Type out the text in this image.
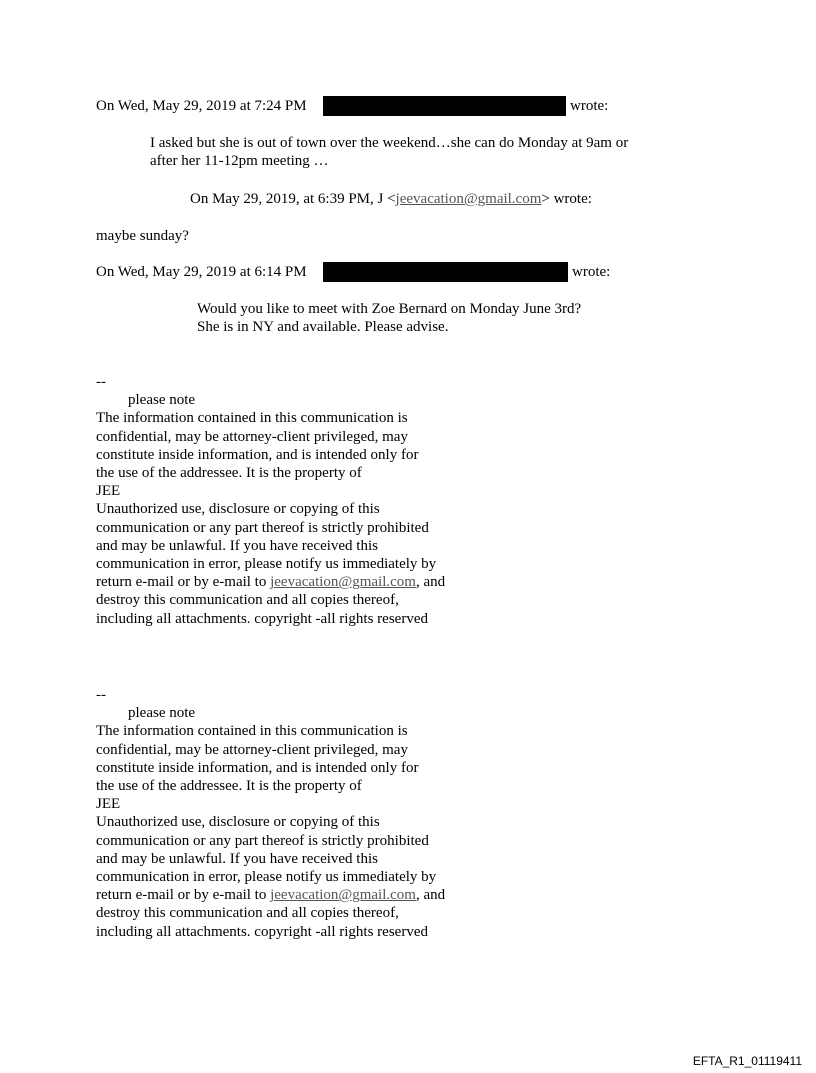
On Wed, May 29, 2019 at 7:24 PM	wrote:
I asked but she is out of town over the weekend…she can do Monday at 9am or
after her 11-12pm meeting …
On May 29, 2019, at 6:39 PM, J <jeevacation@gmail.com> wrote:
maybe sunday?
On Wed, May 29, 2019 at 6:14 PM	wrote:
Would you like to meet with Zoe Bernard on Monday June 3rd?
She is in NY and available. Please advise.
--
please note
The information contained in this communication is
confidential, may be attorney-client privileged, may
constitute inside information, and is intended only for
the use of the addressee. It is the property of
JEE
Unauthorized use, disclosure or copying of this
communication or any part thereof is strictly prohibited
and may be unlawful. If you have received this
communication in error, please notify us immediately by
return e-mail or by e-mail to jeevacation@gmail.com, and
destroy this communication and all copies thereof,
including all attachments. copyright -all rights reserved
--
please note
The information contained in this communication is
confidential, may be attorney-client privileged, may
constitute inside information, and is intended only for
the use of the addressee. It is the property of
JEE
Unauthorized use, disclosure or copying of this
communication or any part thereof is strictly prohibited
and may be unlawful. If you have received this
communication in error, please notify us immediately by
return e-mail or by e-mail to jeevacation@gmail.com, and
destroy this communication and all copies thereof,
including all attachments. copyright -all rights reserved
EFTA_R1_01119411
